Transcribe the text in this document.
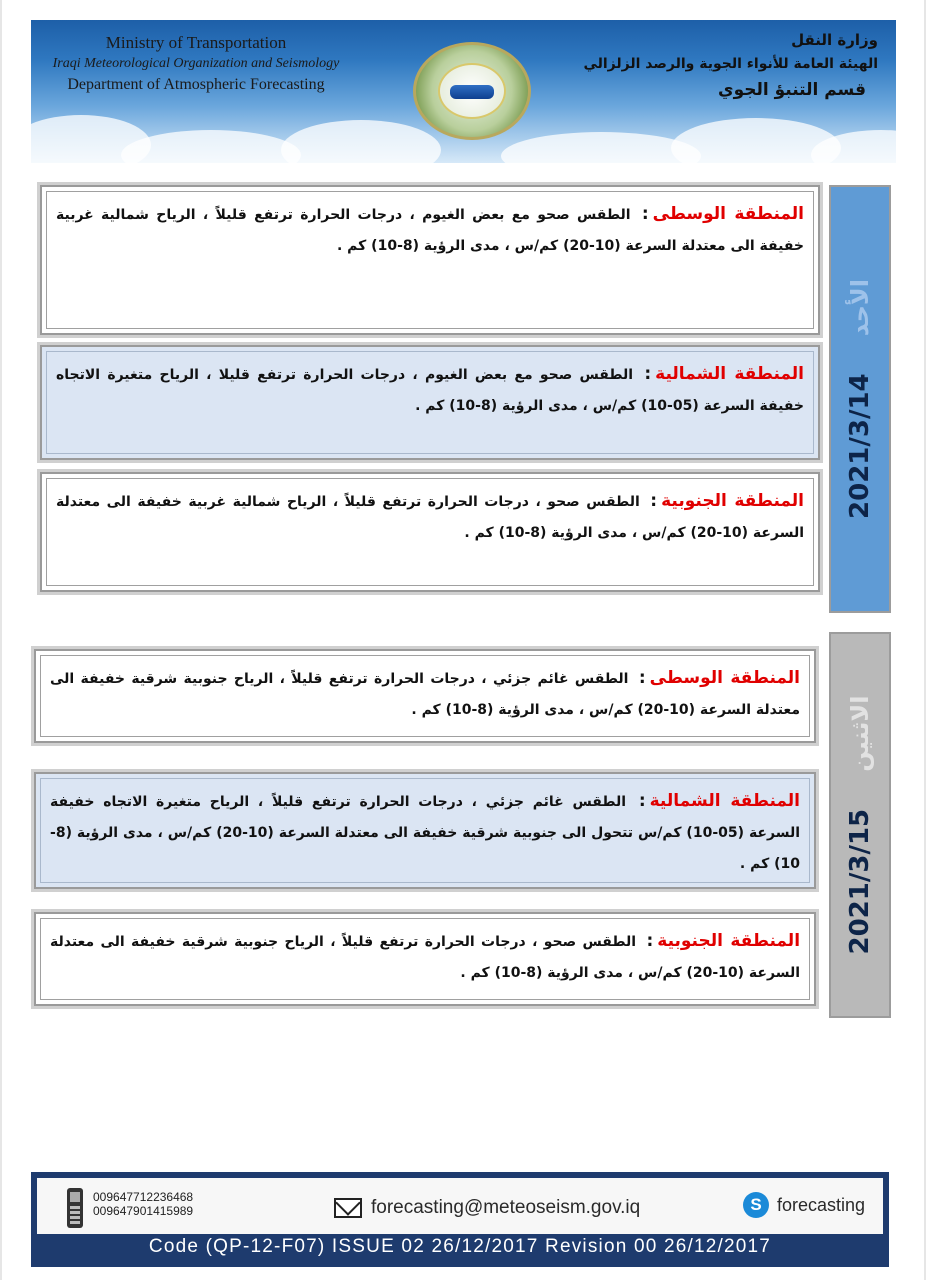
Ministry of Transportation
Iraqi Meteorological Organization and Seismology
Department of Atmospheric Forecasting
وزارة النقل
الهيئة العامة للأنواء الجوية والرصد الزلزالي
قسم التنبؤ الجوي
الأحد 2021/3/14
المنطقة الوسطى: الطقس صحو مع بعض الغيوم ، درجات الحرارة ترتفع قليلاً ، الرياح شمالية غربية خفيفة الى معتدلة السرعة (10-20) كم/س ، مدى الرؤية (8-10) كم .
المنطقة الشمالية: الطقس صحو مع بعض الغيوم ، درجات الحرارة ترتفع قليلا ، الرياح متغيرة الاتجاه خفيفة السرعة (05-10) كم/س ، مدى الرؤية (8-10) كم .
المنطقة الجنوبية: الطقس صحو ، درجات الحرارة ترتفع قليلاً ، الرياح شمالية غربية خفيفة الى معتدلة السرعة (10-20) كم/س ، مدى الرؤية (8-10) كم .
الاثنين 2021/3/15
المنطقة الوسطى: الطقس غائم جزئي ، درجات الحرارة ترتفع قليلاً ، الرياح جنوبية شرقية خفيفة الى معتدلة السرعة (10-20) كم/س ، مدى الرؤية (8-10) كم .
المنطقة الشمالية: الطقس غائم جزئي ، درجات الحرارة ترتفع قليلاً ، الرياح متغيرة الاتجاه خفيفة السرعة (05-10) كم/س تتحول الى جنوبية شرقية خفيفة الى معتدلة السرعة (10-20) كم/س ، مدى الرؤية (8-10) كم .
المنطقة الجنوبية: الطقس صحو ، درجات الحرارة ترتفع قليلاً ، الرياح جنوبية شرقية خفيفة الى معتدلة السرعة (10-20) كم/س ، مدى الرؤية (8-10) كم .
009647712236468
009647901415989	forecasting@meteoseism.gov.iq	S forecasting
Code (QP-12-F07) ISSUE 02 26/12/2017 Revision 00 26/12/2017
